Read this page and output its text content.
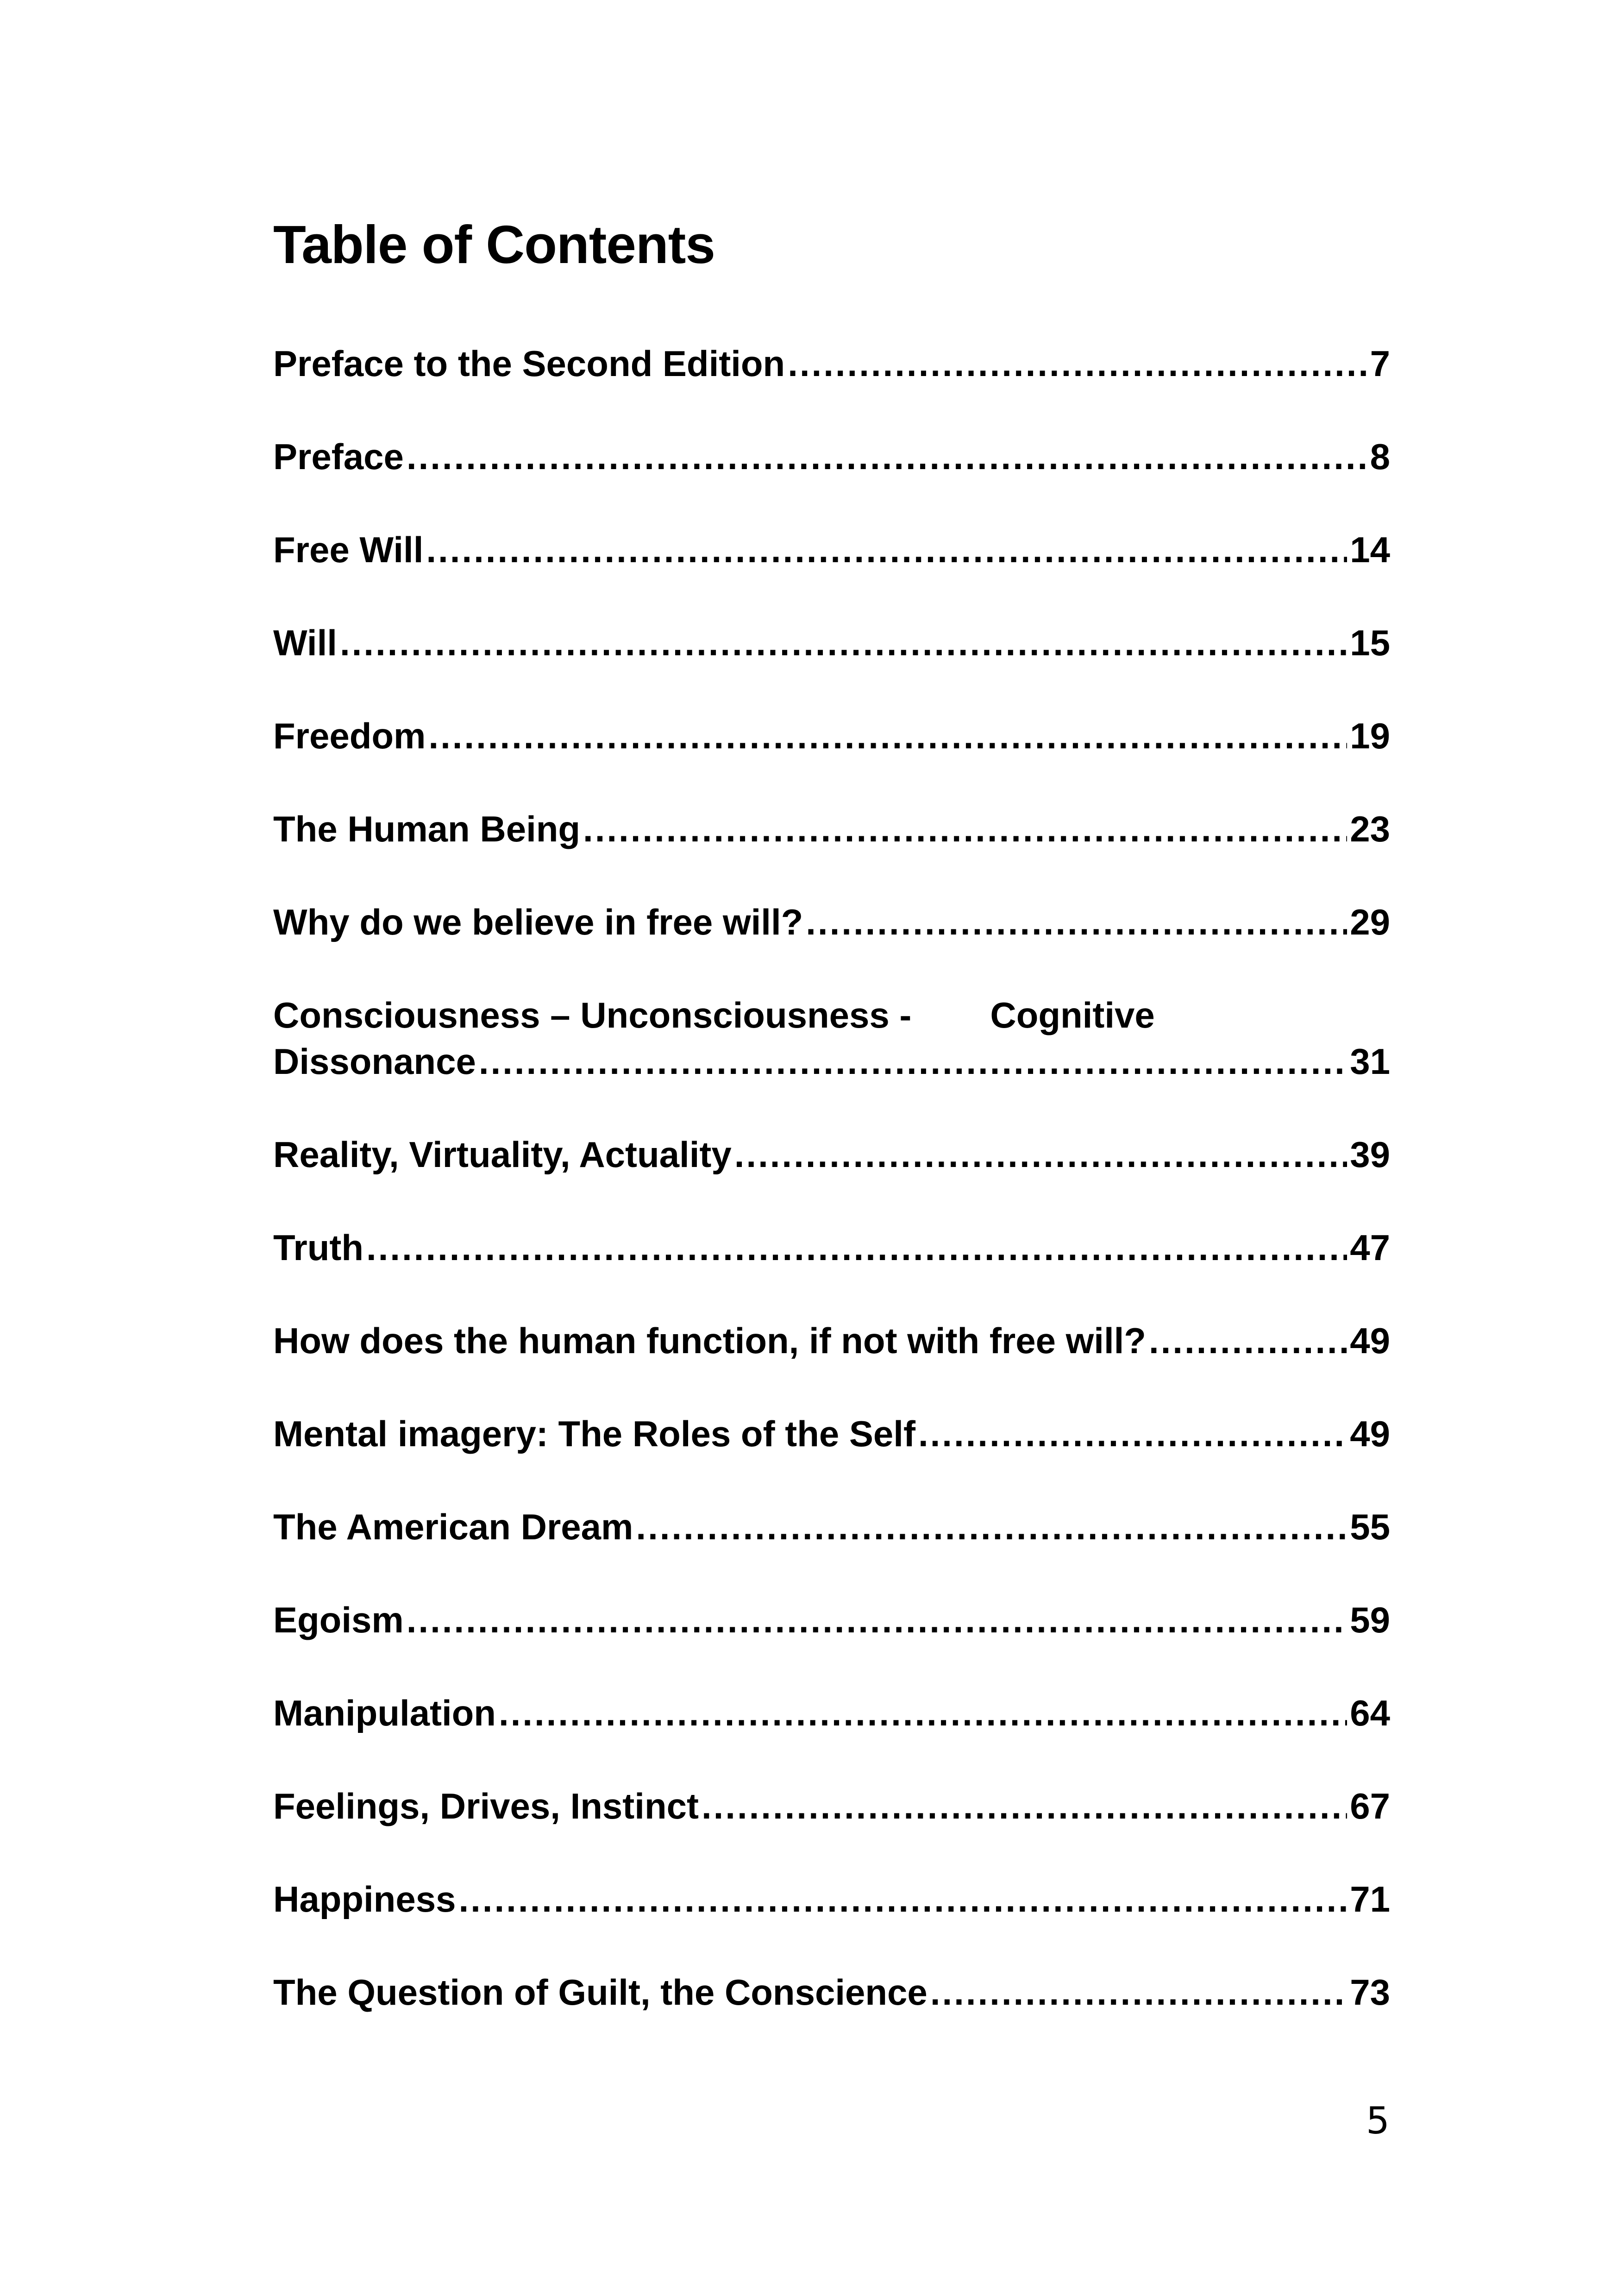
Table of Contents
Preface to the Second Edition .....	7
Preface .....	8
Free Will .....	14
Will .....	15
Freedom .....	19
The Human Being .....	23
Why do we believe in free will? .....	29
Consciousness – Unconsciousness - Cognitive
Dissonance .....	31
Reality, Virtuality, Actuality .....	39
Truth .....	47
How does the human function, if not with free will? .....	49
Mental imagery: The Roles of the Self .....	49
The American Dream .....	55
Egoism .....	59
Manipulation .....	64
Feelings, Drives, Instinct .....	67
Happiness .....	71
The Question of Guilt, the Conscience .....	73
5
